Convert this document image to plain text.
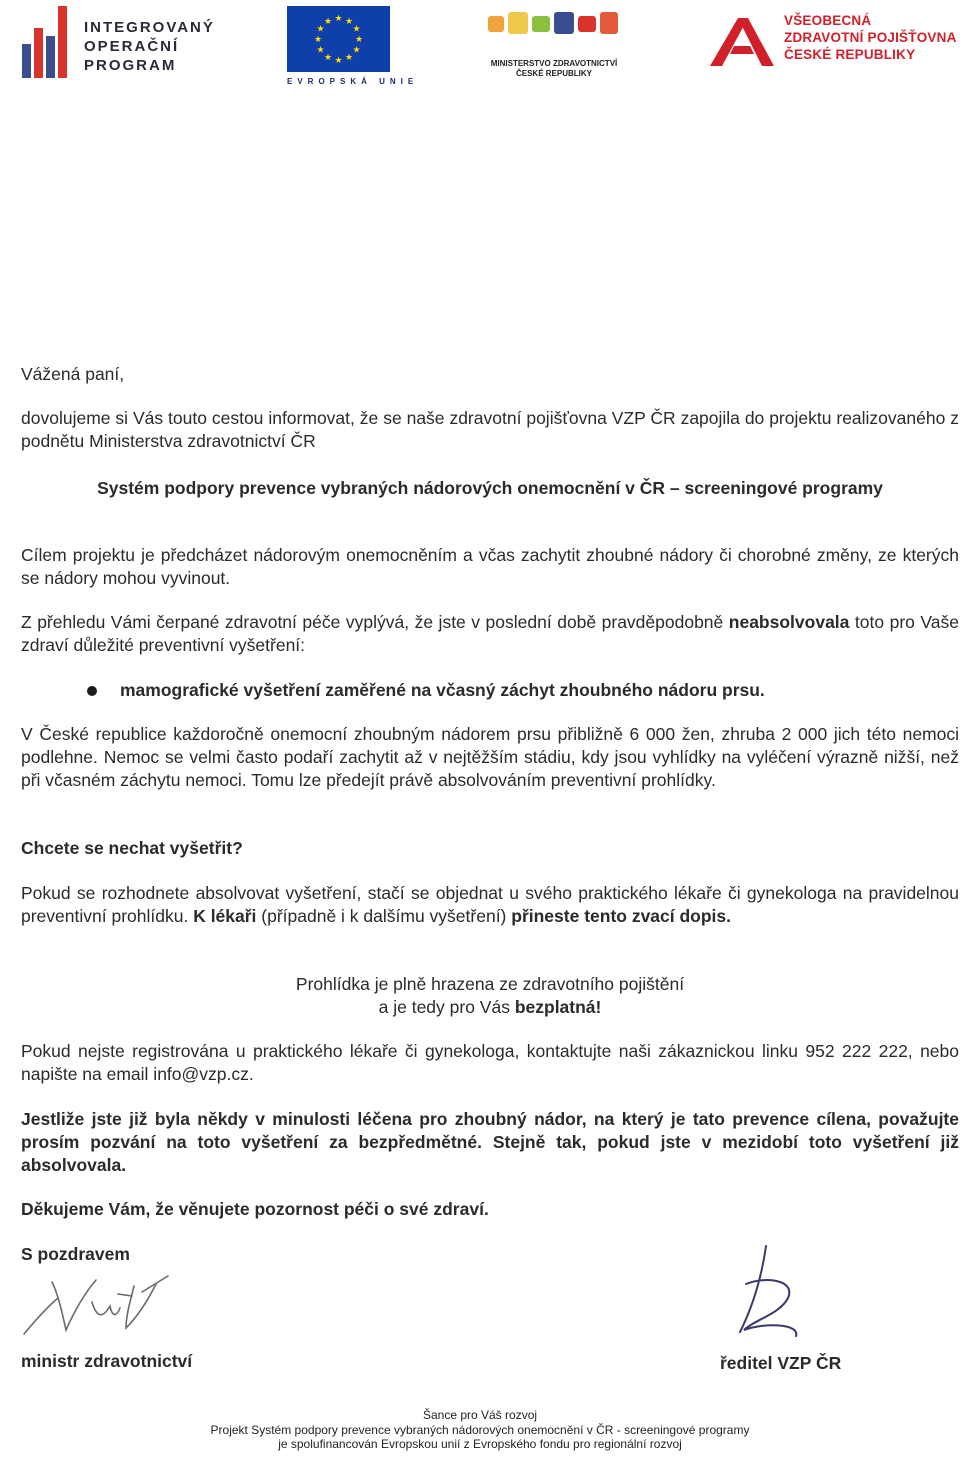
INTEGROVANÝ
OPERAČNÍ
PROGRAM
★ ★
★
★
★
★
★
★
★
★
★
★
EVROPSKÁ UNIE
MINISTERSTVO ZDRAVOTNICTVÍ
ČESKÉ REPUBLIKY
VŠEOBECNÁ
ZDRAVOTNÍ POJIŠŤOVNA
ČESKÉ REPUBLIKY
Vážená paní,
dovolujeme si Vás touto cestou informovat, že se naše zdravotní pojišťovna VZP ČR zapojila do projektu realizovaného z podnětu Ministerstva zdravotnictví ČR
Systém podpory prevence vybraných nádorových onemocnění v ČR – screeningové programy
Cílem projektu je předcházet nádorovým onemocněním a včas zachytit zhoubné nádory či chorobné změny, ze kterých se nádory mohou vyvinout.
Z přehledu Vámi čerpané zdravotní péče vyplývá, že jste v poslední době pravděpodobně neabsolvovala toto pro Vaše zdraví důležité preventivní vyšetření:
mamografické vyšetření zaměřené na včasný záchyt zhoubného nádoru prsu.
V České republice každoročně onemocní zhoubným nádorem prsu přibližně 6 000 žen, zhruba 2 000 jich této nemoci podlehne. Nemoc se velmi často podaří zachytit až v nejtěžším stádiu, kdy jsou vyhlídky na vyléčení výrazně nižší, než při včasném záchytu nemoci. Tomu lze předejít právě absolvováním preventivní prohlídky.
Chcete se nechat vyšetřit?
Pokud se rozhodnete absolvovat vyšetření, stačí se objednat u svého praktického lékaře či gynekologa na pravidelnou preventivní prohlídku. K lékaři (případně i k dalšímu vyšetření) přineste tento zvací dopis.
Prohlídka je plně hrazena ze zdravotního pojištění
a je tedy pro Vás bezplatná!
Pokud nejste registrována u praktického lékaře či gynekologa, kontaktujte naši zákaznickou linku 952 222 222, nebo napište na email info@vzp.cz.
Jestliže jste již byla někdy v minulosti léčena pro zhoubný nádor, na který je tato prevence cílena, považujte prosím pozvání na toto vyšetření za bezpředmětné. Stejně tak, pokud jste v mezidobí toto vyšetření již absolvovala.
Děkujeme Vám, že věnujete pozornost péči o své zdraví.
S pozdravem
ministr zdravotnictví	ředitel VZP ČR
Šance pro Váš rozvoj
Projekt Systém podpory prevence vybraných nádorových onemocnění v ČR - screeningové programy
je spolufinancován Evropskou unií z Evropského fondu pro regionální rozvoj
